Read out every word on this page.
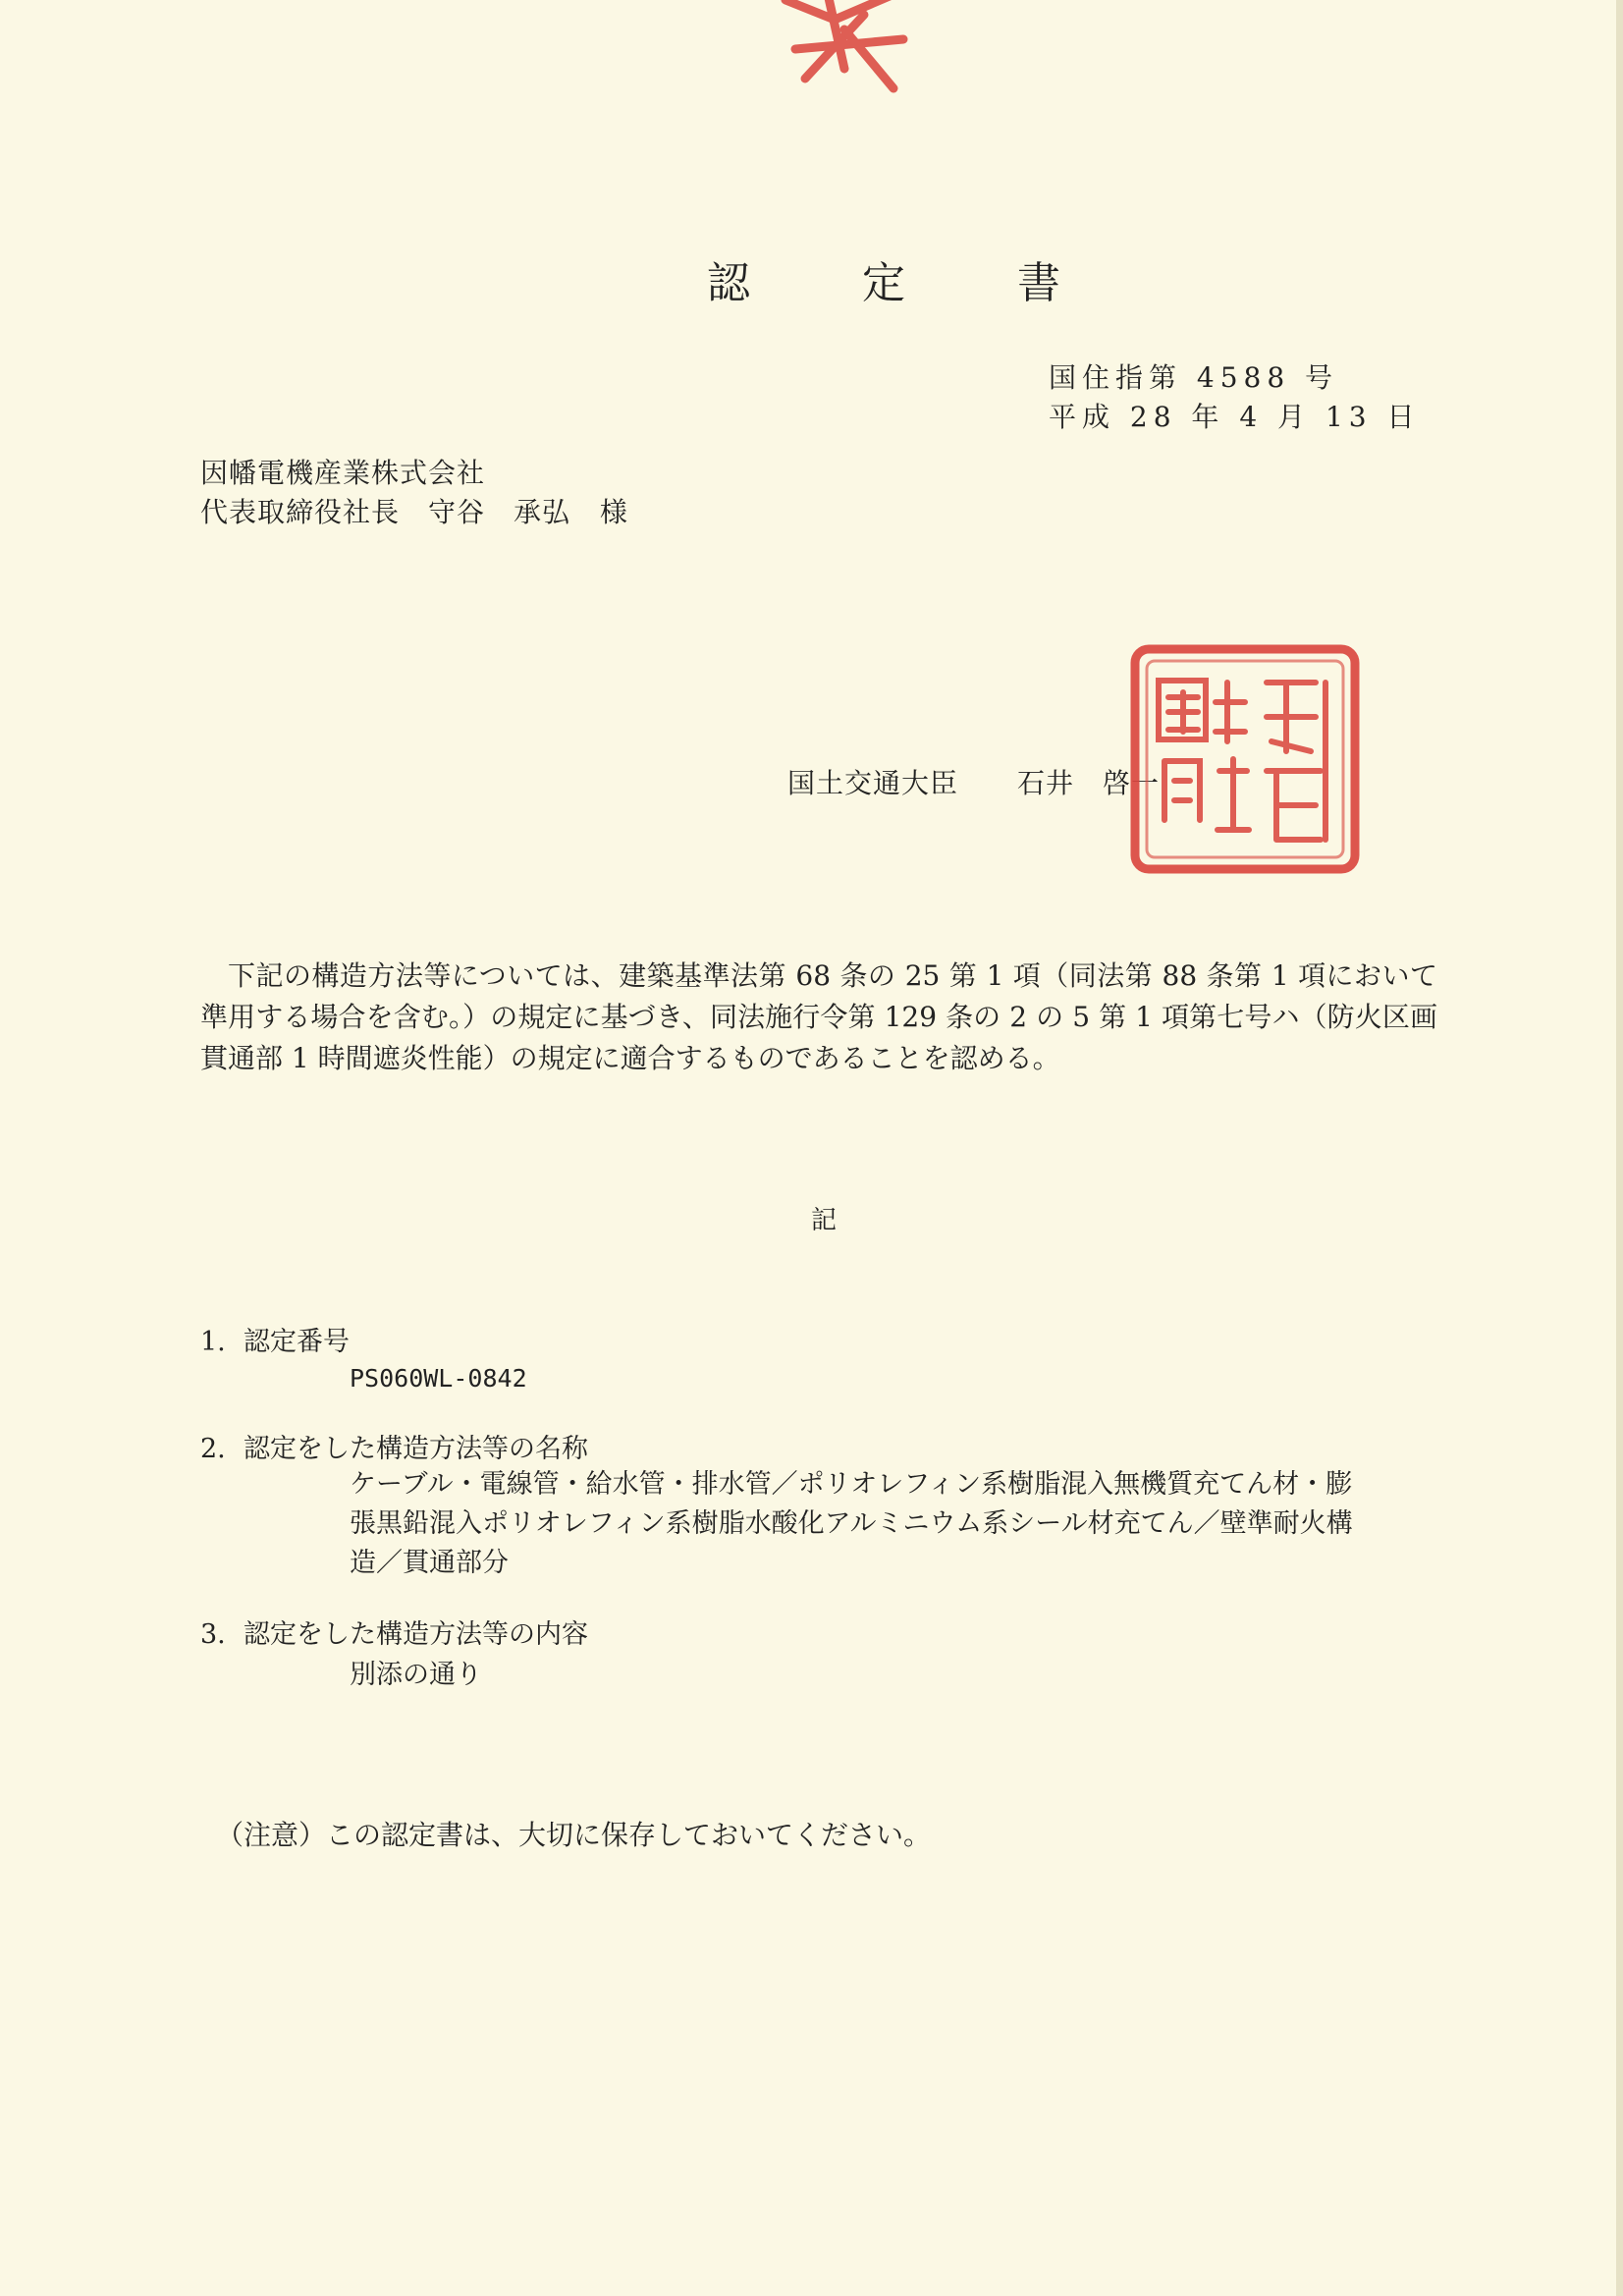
認 定 書
国住指第 4588 号
平成 28 年 4 月 13 日
因幡電機産業株式会社
代表取締役社長　守谷　承弘 様
国土交通大臣 石井　啓一
下記の構造方法等については、建築基準法第 68 条の 25 第 1 項（同法第 88 条第 1 項において準用する場合を含む。）の規定に基づき、同法施行令第 129 条の 2 の 5 第 1 項第七号ハ（防火区画貫通部 1 時間遮炎性能）の規定に適合するものであることを認める。
記
1. 認定番号
PS060WL-0842
2. 認定をした構造方法等の名称
ケーブル・電線管・給水管・排水管／ポリオレフィン系樹脂混入無機質充てん材・膨張黒鉛混入ポリオレフィン系樹脂水酸化アルミニウム系シール材充てん／壁準耐火構造／貫通部分
3. 認定をした構造方法等の内容
別添の通り
（注意）この認定書は、大切に保存しておいてください。
